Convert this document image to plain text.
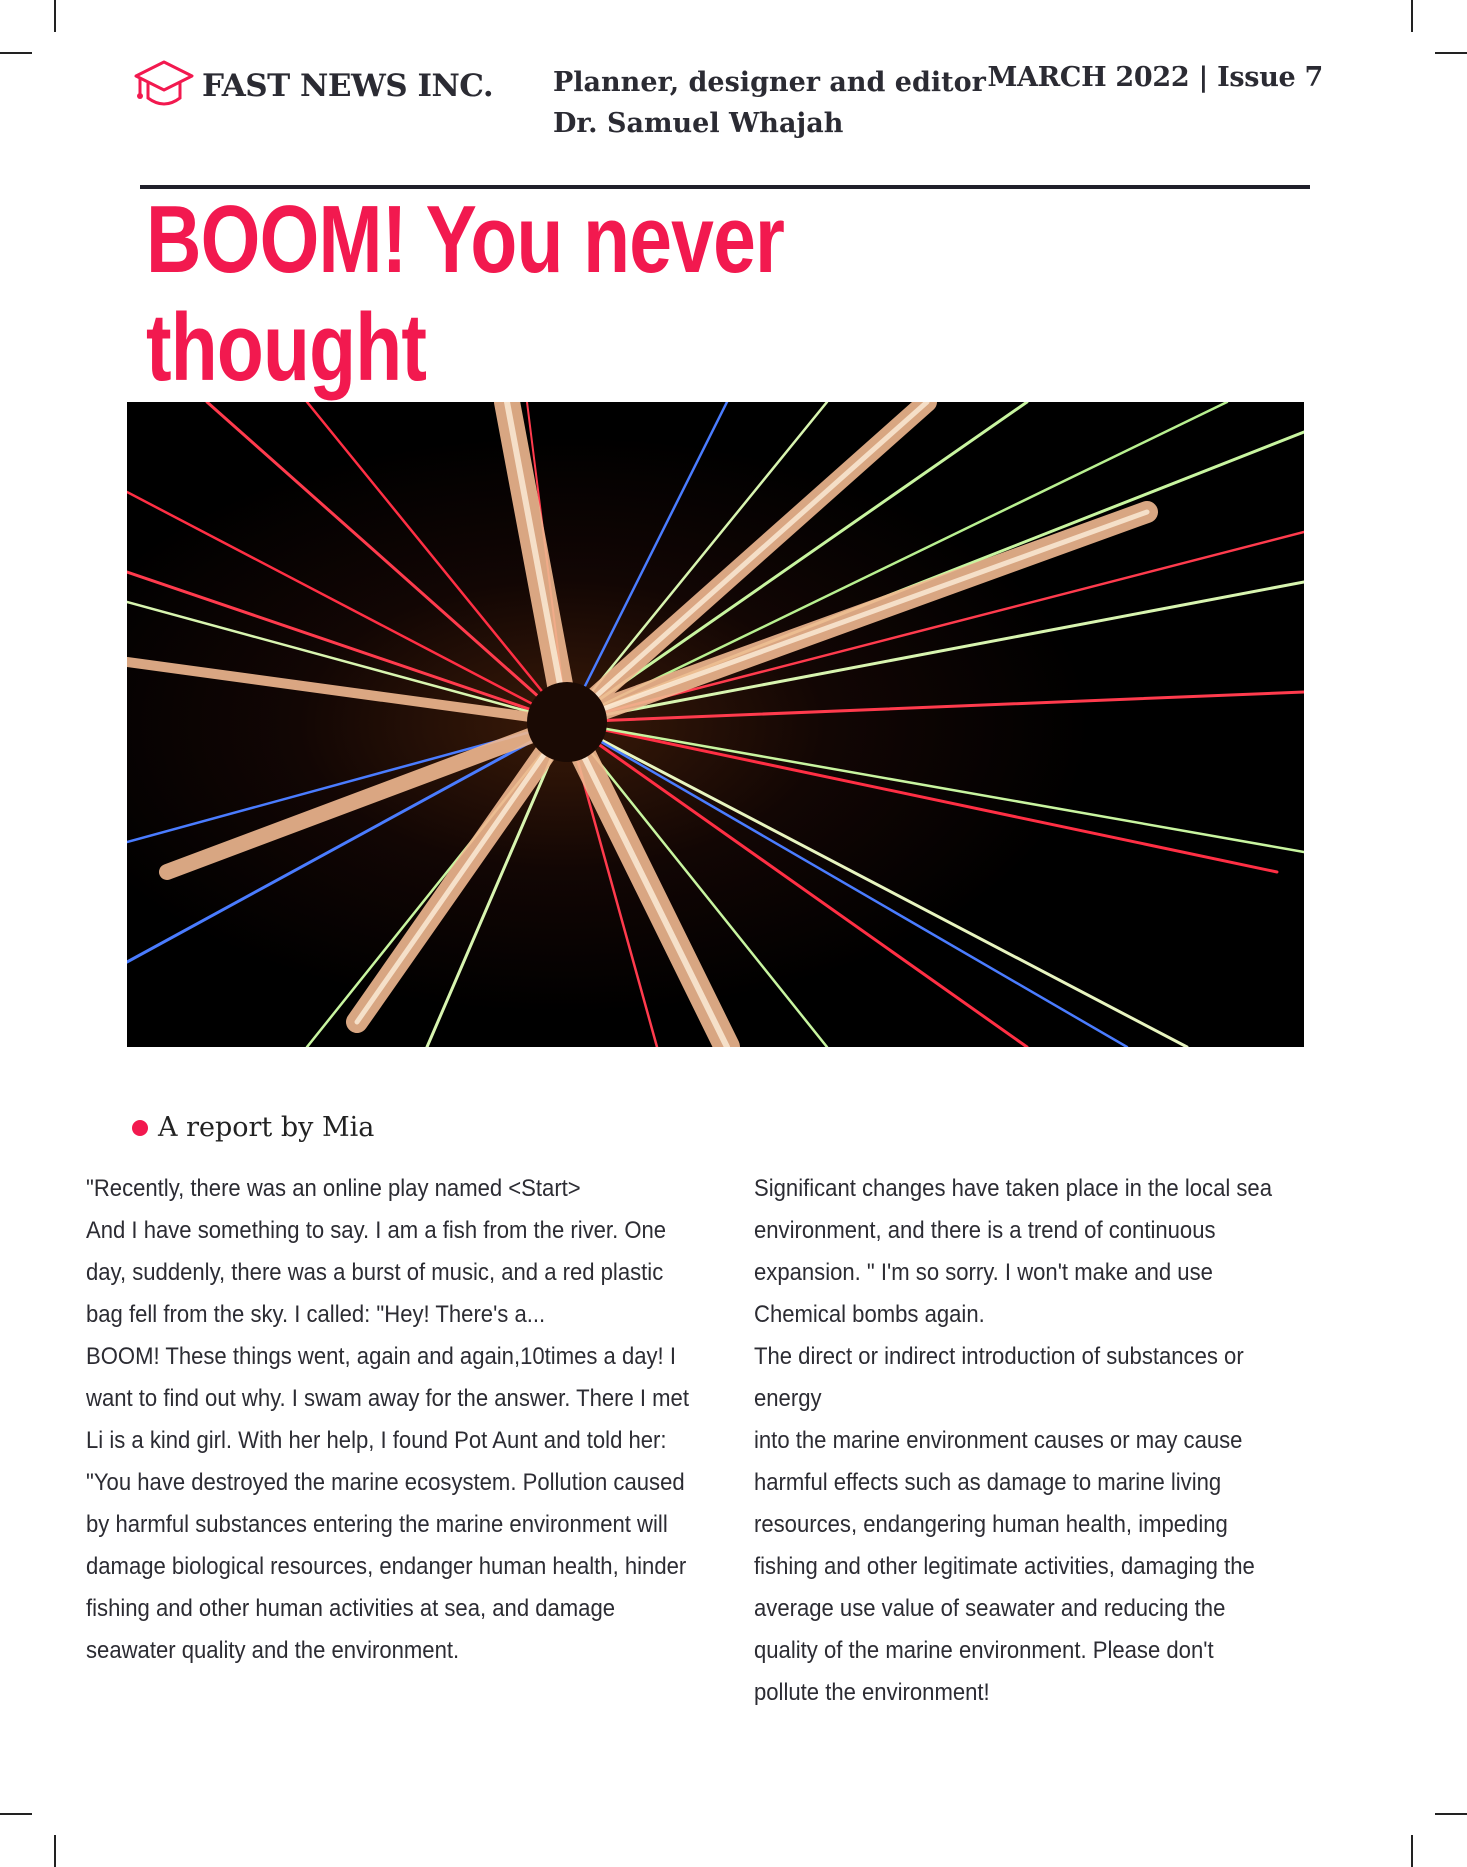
FAST NEWS INC. Planner, designer and editor
Dr. Samuel Whajah
MARCH 2022 | Issue 7
BOOM! You never thought

A report by Mia

"Recently, there was an online play named <Start>

And I have something to say. I am a fish from the river. One

day, suddenly, there was a burst of music, and a red plastic

bag fell from the sky. I called: "Hey! There's a...

BOOM! These things went, again and again,10times a day! I

want to find out why. I swam away for the answer. There I met

Li is a kind girl. With her help, I found Pot Aunt and told her:

"You have destroyed the marine ecosystem. Pollution caused

by harmful substances entering the marine environment will

damage biological resources, endanger human health, hinder

fishing and other human activities at sea, and damage

seawater quality and the environment.

Significant changes have taken place in the local sea

environment, and there is a trend of continuous

expansion. " I'm so sorry. I won't make and use

Chemical bombs again.

The direct or indirect introduction of substances or

energy

into the marine environment causes or may cause

harmful effects such as damage to marine living

resources, endangering human health, impeding

fishing and other legitimate activities, damaging the

average use value of seawater and reducing the

quality of the marine environment. Please don't

pollute the environment!
